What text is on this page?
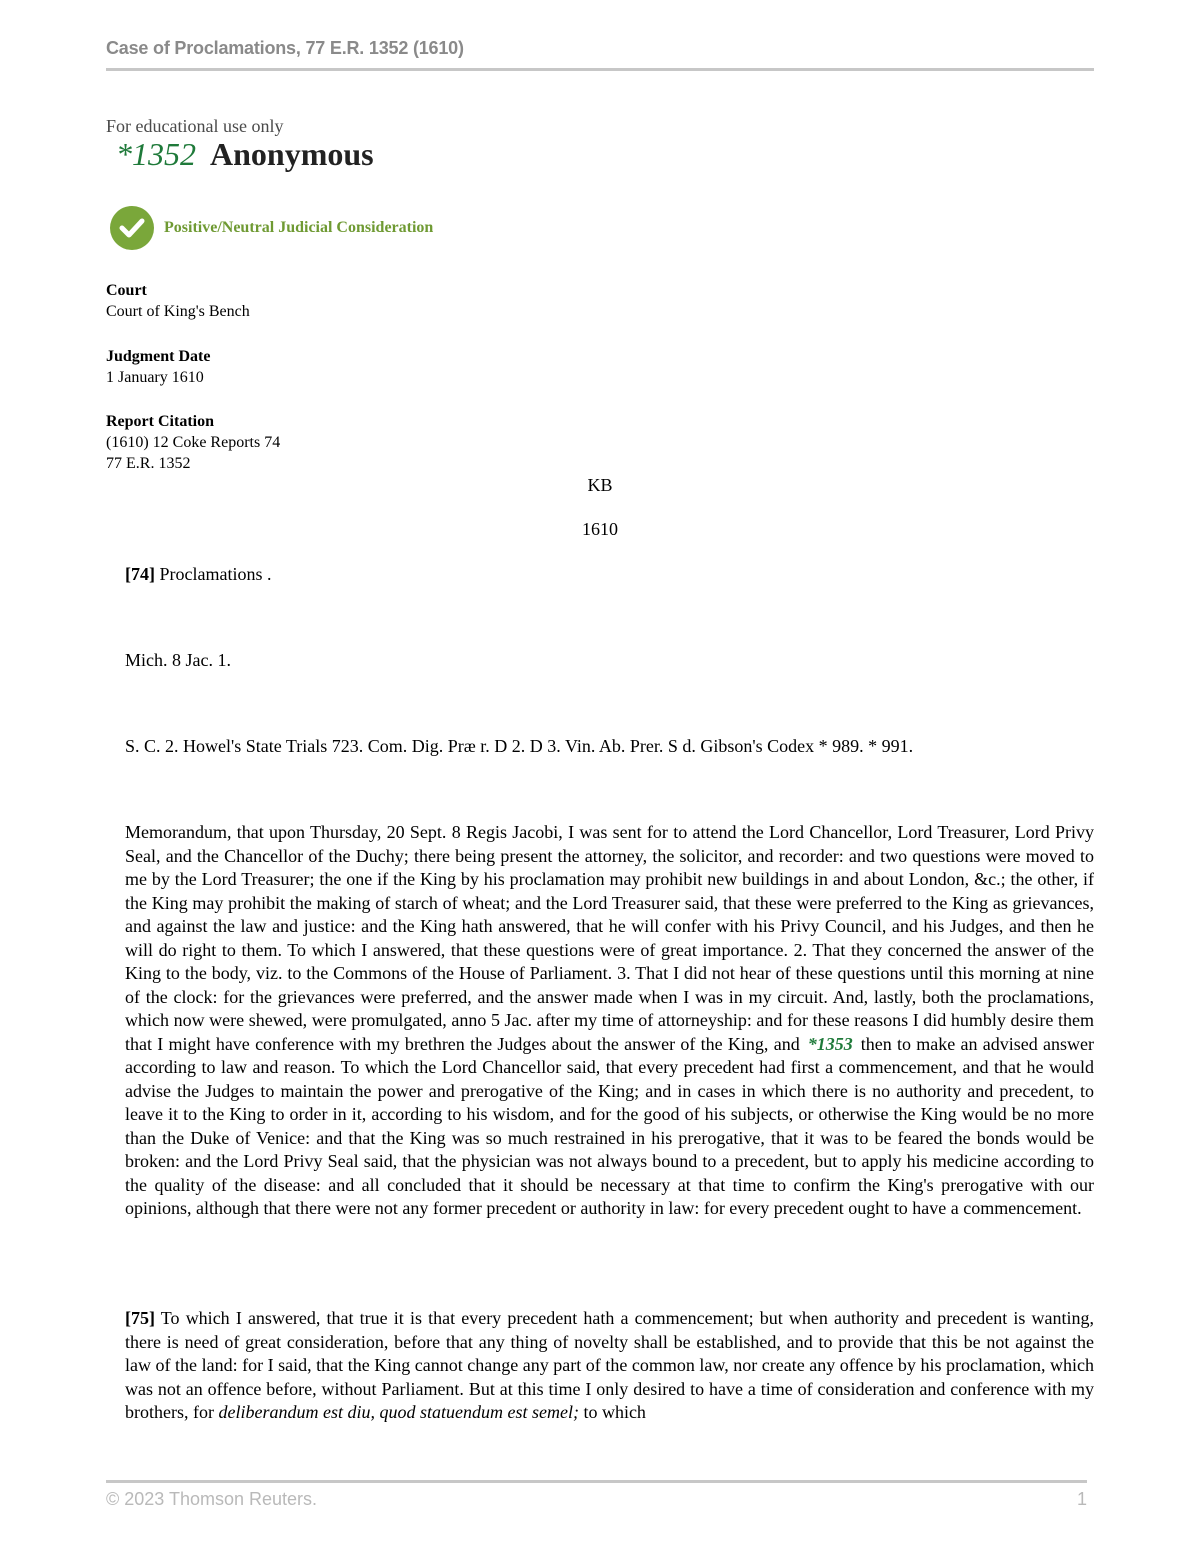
Case of Proclamations, 77 E.R. 1352 (1610)
For educational use only
*1352 Anonymous
Positive/Neutral Judicial Consideration
Court
Court of King's Bench
Judgment Date
1 January 1610
Report Citation
(1610) 12 Coke Reports 74
77 E.R. 1352
KB
1610
[74] Proclamations .
Mich. 8 Jac. 1.
S. C. 2. Howel's State Trials 723. Com. Dig. Præ r. D 2. D 3. Vin. Ab. Prer. S d. Gibson's Codex * 989. * 991.
Memorandum, that upon Thursday, 20 Sept. 8 Regis Jacobi, I was sent for to attend the Lord Chancellor, Lord Treasurer, Lord Privy Seal, and the Chancellor of the Duchy; there being present the attorney, the solicitor, and recorder: and two questions were moved to me by the Lord Treasurer; the one if the King by his proclamation may prohibit new buildings in and about London, &c.; the other, if the King may prohibit the making of starch of wheat; and the Lord Treasurer said, that these were preferred to the King as grievances, and against the law and justice: and the King hath answered, that he will confer with his Privy Council, and his Judges, and then he will do right to them. To which I answered, that these questions were of great importance. 2. That they concerned the answer of the King to the body, viz. to the Commons of the House of Parliament. 3. That I did not hear of these questions until this morning at nine of the clock: for the grievances were preferred, and the answer made when I was in my circuit. And, lastly, both the proclamations, which now were shewed, were promulgated, anno 5 Jac. after my time of attorneyship: and for these reasons I did humbly desire them that I might have conference with my brethren the Judges about the answer of the King, and *1353 then to make an advised answer according to law and reason. To which the Lord Chancellor said, that every precedent had first a commencement, and that he would advise the Judges to maintain the power and prerogative of the King; and in cases in which there is no authority and precedent, to leave it to the King to order in it, according to his wisdom, and for the good of his subjects, or otherwise the King would be no more than the Duke of Venice: and that the King was so much restrained in his prerogative, that it was to be feared the bonds would be broken: and the Lord Privy Seal said, that the physician was not always bound to a precedent, but to apply his medicine according to the quality of the disease: and all concluded that it should be necessary at that time to confirm the King's prerogative with our opinions, although that there were not any former precedent or authority in law: for every precedent ought to have a commencement.
[75] To which I answered, that true it is that every precedent hath a commencement; but when authority and precedent is wanting, there is need of great consideration, before that any thing of novelty shall be established, and to provide that this be not against the law of the land: for I said, that the King cannot change any part of the common law, nor create any offence by his proclamation, which was not an offence before, without Parliament. But at this time I only desired to have a time of consideration and conference with my brothers, for deliberandum est diu, quod statuendum est semel; to which
© 2023 Thomson Reuters.	1
